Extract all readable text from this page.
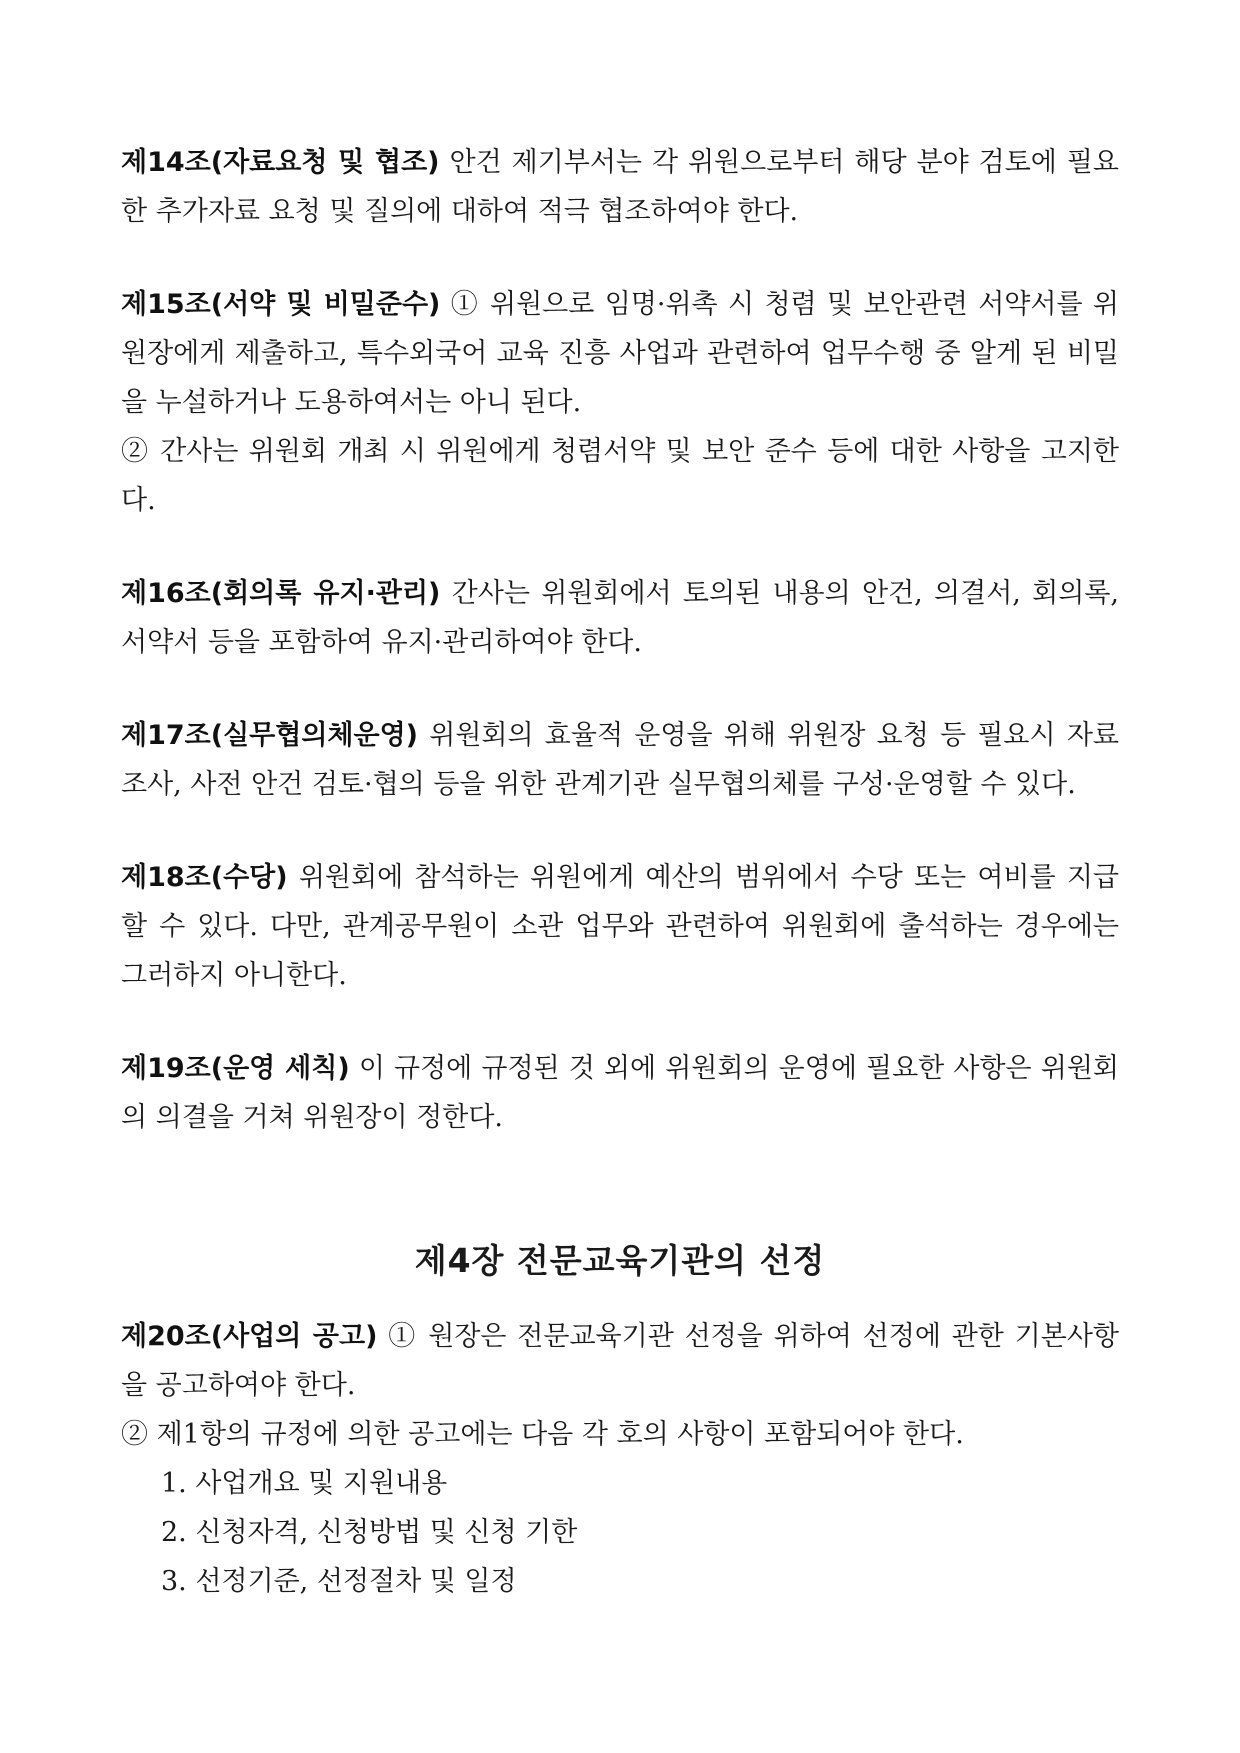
제14조(자료요청 및 협조) 안건 제기부서는 각 위원으로부터 해당 분야 검토에 필요한 추가자료 요청 및 질의에 대하여 적극 협조하여야 한다.

제15조(서약 및 비밀준수) ① 위원으로 임명·위촉 시 청렴 및 보안관련 서약서를 위원장에게 제출하고, 특수외국어 교육 진흥 사업과 관련하여 업무수행 중 알게 된 비밀을 누설하거나 도용하여서는 아니 된다.

② 간사는 위원회 개최 시 위원에게 청렴서약 및 보안 준수 등에 대한 사항을 고지한다.

제16조(회의록 유지·관리) 간사는 위원회에서 토의된 내용의 안건, 의결서, 회의록, 서약서 등을 포함하여 유지·관리하여야 한다.

제17조(실무협의체운영) 위원회의 효율적 운영을 위해 위원장 요청 등 필요시 자료조사, 사전 안건 검토·협의 등을 위한 관계기관 실무협의체를 구성·운영할 수 있다.

제18조(수당) 위원회에 참석하는 위원에게 예산의 범위에서 수당 또는 여비를 지급할 수 있다. 다만, 관계공무원이 소관 업무와 관련하여 위원회에 출석하는 경우에는 그러하지 아니한다.

제19조(운영 세칙) 이 규정에 규정된 것 외에 위원회의 운영에 필요한 사항은 위원회의 의결을 거쳐 위원장이 정한다.

제4장 전문교육기관의 선정

제20조(사업의 공고) ① 원장은 전문교육기관 선정을 위하여 선정에 관한 기본사항을 공고하여야 한다.

② 제1항의 규정에 의한 공고에는 다음 각 호의 사항이 포함되어야 한다.

1. 사업개요 및 지원내용
2. 신청자격, 신청방법 및 신청 기한
3. 선정기준, 선정절차 및 일정
